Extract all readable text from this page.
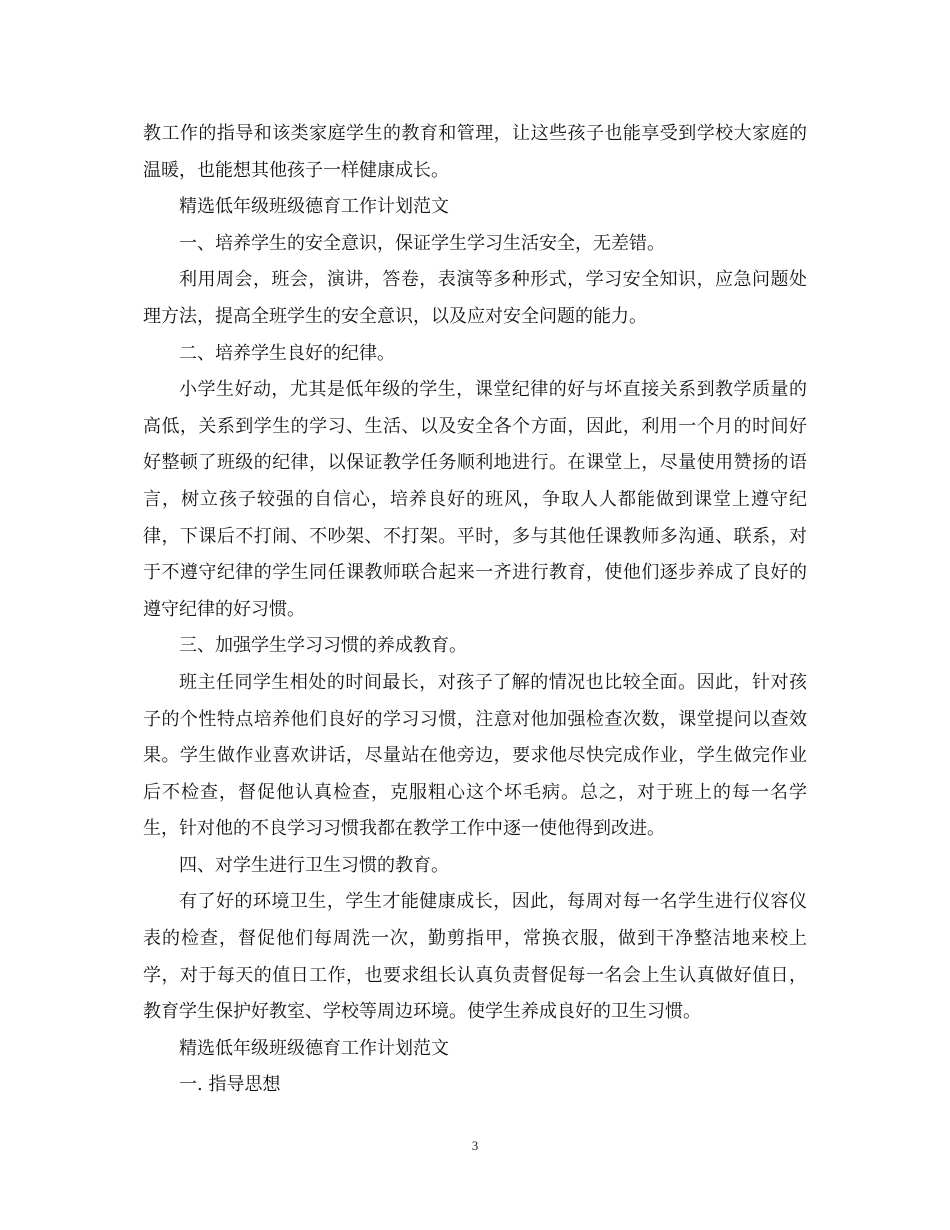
教工作的指导和该类家庭学生的教育和管理，让这些孩子也能享受到学校大家庭的温暖，也能想其他孩子一样健康成长。

精选低年级班级德育工作计划范文

一、培养学生的安全意识，保证学生学习生活安全，无差错。

利用周会，班会，演讲，答卷，表演等多种形式，学习安全知识，应急问题处理方法，提高全班学生的安全意识，以及应对安全问题的能力。

二、培养学生良好的纪律。

小学生好动，尤其是低年级的学生，课堂纪律的好与坏直接关系到教学质量的高低，关系到学生的学习、生活、以及安全各个方面，因此，利用一个月的时间好好整顿了班级的纪律，以保证教学任务顺利地进行。在课堂上，尽量使用赞扬的语言，树立孩子较强的自信心，培养良好的班风，争取人人都能做到课堂上遵守纪律，下课后不打闹、不吵架、不打架。平时，多与其他任课教师多沟通、联系，对于不遵守纪律的学生同任课教师联合起来一齐进行教育，使他们逐步养成了良好的遵守纪律的好习惯。

三、加强学生学习习惯的养成教育。

班主任同学生相处的时间最长，对孩子了解的情况也比较全面。因此，针对孩子的个性特点培养他们良好的学习习惯，注意对他加强检查次数，课堂提问以查效果。学生做作业喜欢讲话，尽量站在他旁边，要求他尽快完成作业，学生做完作业后不检查，督促他认真检查，克服粗心这个坏毛病。总之，对于班上的每一名学生，针对他的不良学习习惯我都在教学工作中逐一使他得到改进。

四、对学生进行卫生习惯的教育。

有了好的环境卫生，学生才能健康成长，因此，每周对每一名学生进行仪容仪表的检查，督促他们每周洗一次，勤剪指甲，常换衣服，做到干净整洁地来校上学，对于每天的值日工作，也要求组长认真负责督促每一名会上生认真做好值日，教育学生保护好教室、学校等周边环境。使学生养成良好的卫生习惯。

精选低年级班级德育工作计划范文

一. 指导思想

3
